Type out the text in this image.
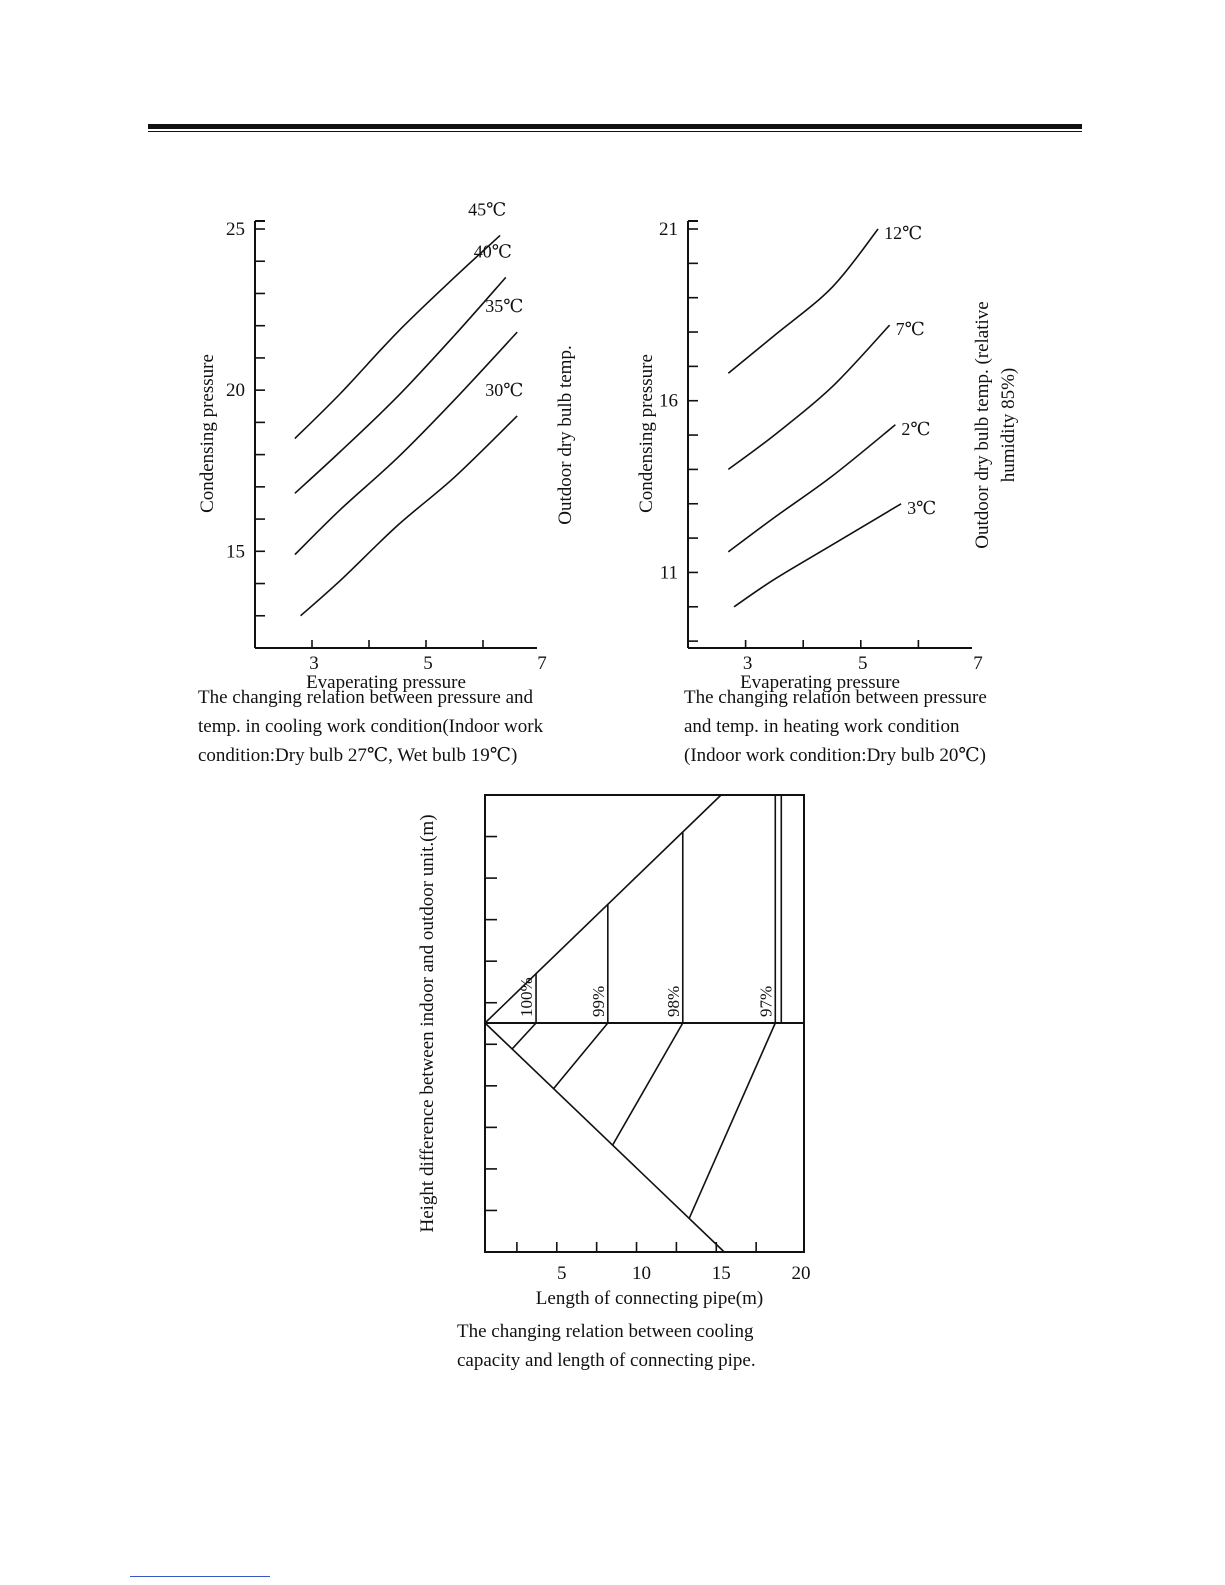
15
20
25
3	5	7
45℃
40℃
35℃
30℃
Evaperating pressure
Condensing pressure	Outdoor dry bulb temp.
11
16
21
3	5	7
12℃
7℃
2℃
3℃
Evaperating pressure
Condensing pressure	Outdoor dry bulb temp. (relative humidity 85%)
5	10	15	20
100%	99%	98%	97%
Length of connecting pipe(m)
Height difference between indoor and outdoor unit.(m)
The changing relation between pressure and
temp. in cooling work condition(Indoor work
condition:Dry bulb 27℃, Wet bulb 19℃)
The changing relation between pressure
and temp. in heating work condition
(Indoor work condition:Dry bulb 20℃)
The changing relation between cooling
capacity and length of connecting pipe.
